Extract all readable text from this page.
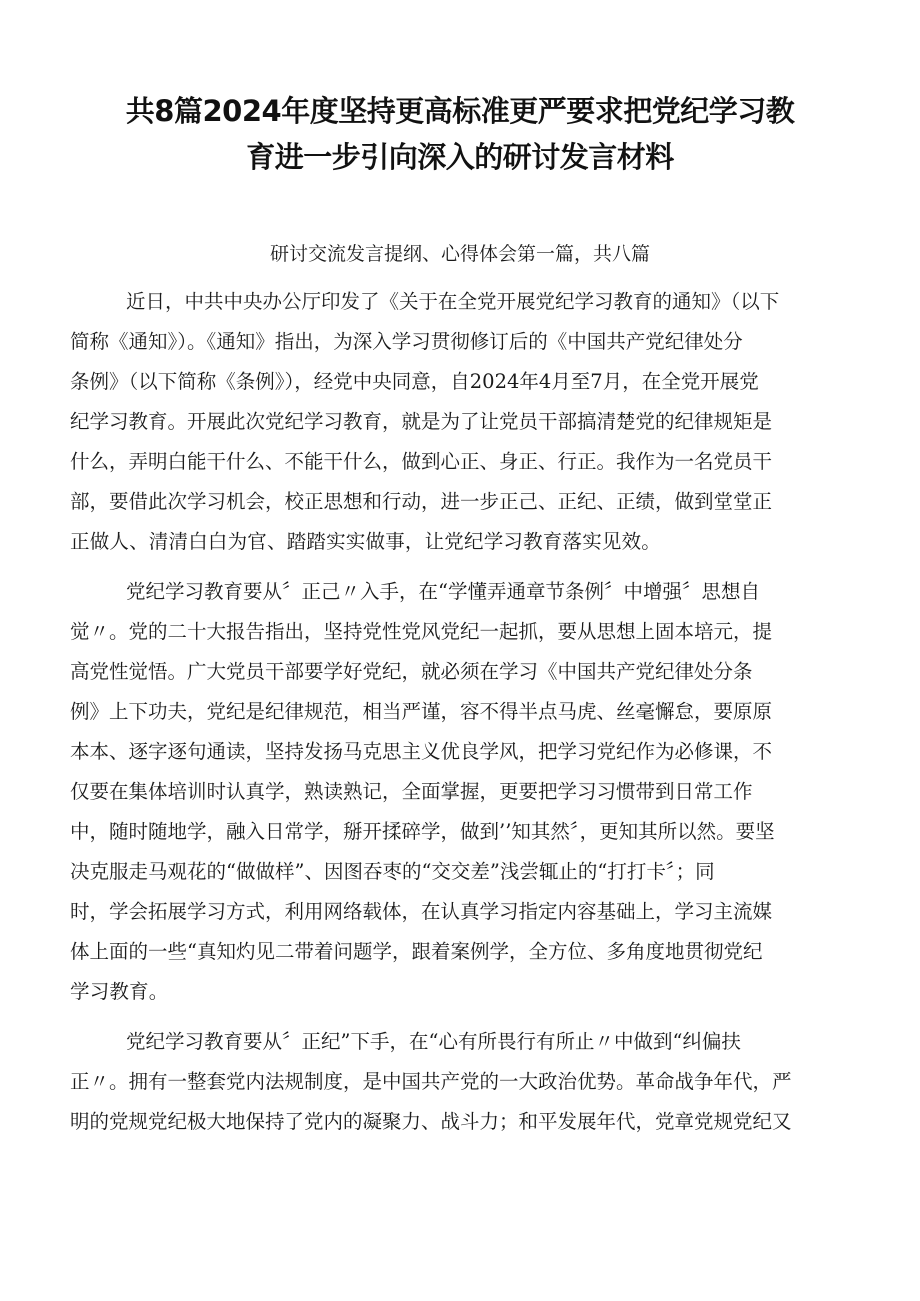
共8篇2024年度坚持更高标准更严要求把党纪学习教
育进一步引向深入的研讨发言材料
研讨交流发言提纲、心得体会第一篇，共八篇
近日，中共中央办公厅印发了《关于在全党开展党纪学习教育的通知》（以下
简称《通知》）。《通知》指出，为深入学习贯彻修订后的《中国共产党纪律处分
条例》（以下简称《条例》），经党中央同意，自2024年4月至7月，在全党开展党
纪学习教育。开展此次党纪学习教育，就是为了让党员干部搞清楚党的纪律规矩是
什么，弄明白能干什么、不能干什么，做到心正、身正、行正。我作为一名党员干
部，要借此次学习机会，校正思想和行动，进一步正己、正纪、正绩，做到堂堂正
正做人、清清白白为官、踏踏实实做事，让党纪学习教育落实见效。
党纪学习教育要从〞正己〃入手，在“学懂弄通章节条例〞中增强〞思想自
觉〃。党的二十大报告指出，坚持党性党风党纪一起抓，要从思想上固本培元，提
高党性觉悟。广大党员干部要学好党纪，就必须在学习《中国共产党纪律处分条
例》上下功夫，党纪是纪律规范，相当严谨，容不得半点马虎、丝毫懈怠，要原原
本本、逐字逐句通读，坚持发扬马克思主义优良学风，把学习党纪作为必修课，不
仅要在集体培训时认真学，熟读熟记，全面掌握，更要把学习习惯带到日常工作
中，随时随地学，融入日常学，掰开揉碎学，做到’’知其然〞，更知其所以然。要坚
决克服走马观花的“做做样”、因图吞枣的“交交差”浅尝辄止的“打打卡〞；同
时，学会拓展学习方式，利用网络载体，在认真学习指定内容基础上，学习主流媒
体上面的一些“真知灼见二带着问题学，跟着案例学，全方位、多角度地贯彻党纪
学习教育。
党纪学习教育要从〞正纪”下手，在“心有所畏行有所止〃中做到“纠偏扶
正〃。拥有一整套党内法规制度，是中国共产党的一大政治优势。革命战争年代，严
明的党规党纪极大地保持了党内的凝聚力、战斗力；和平发展年代，党章党规党纪又
